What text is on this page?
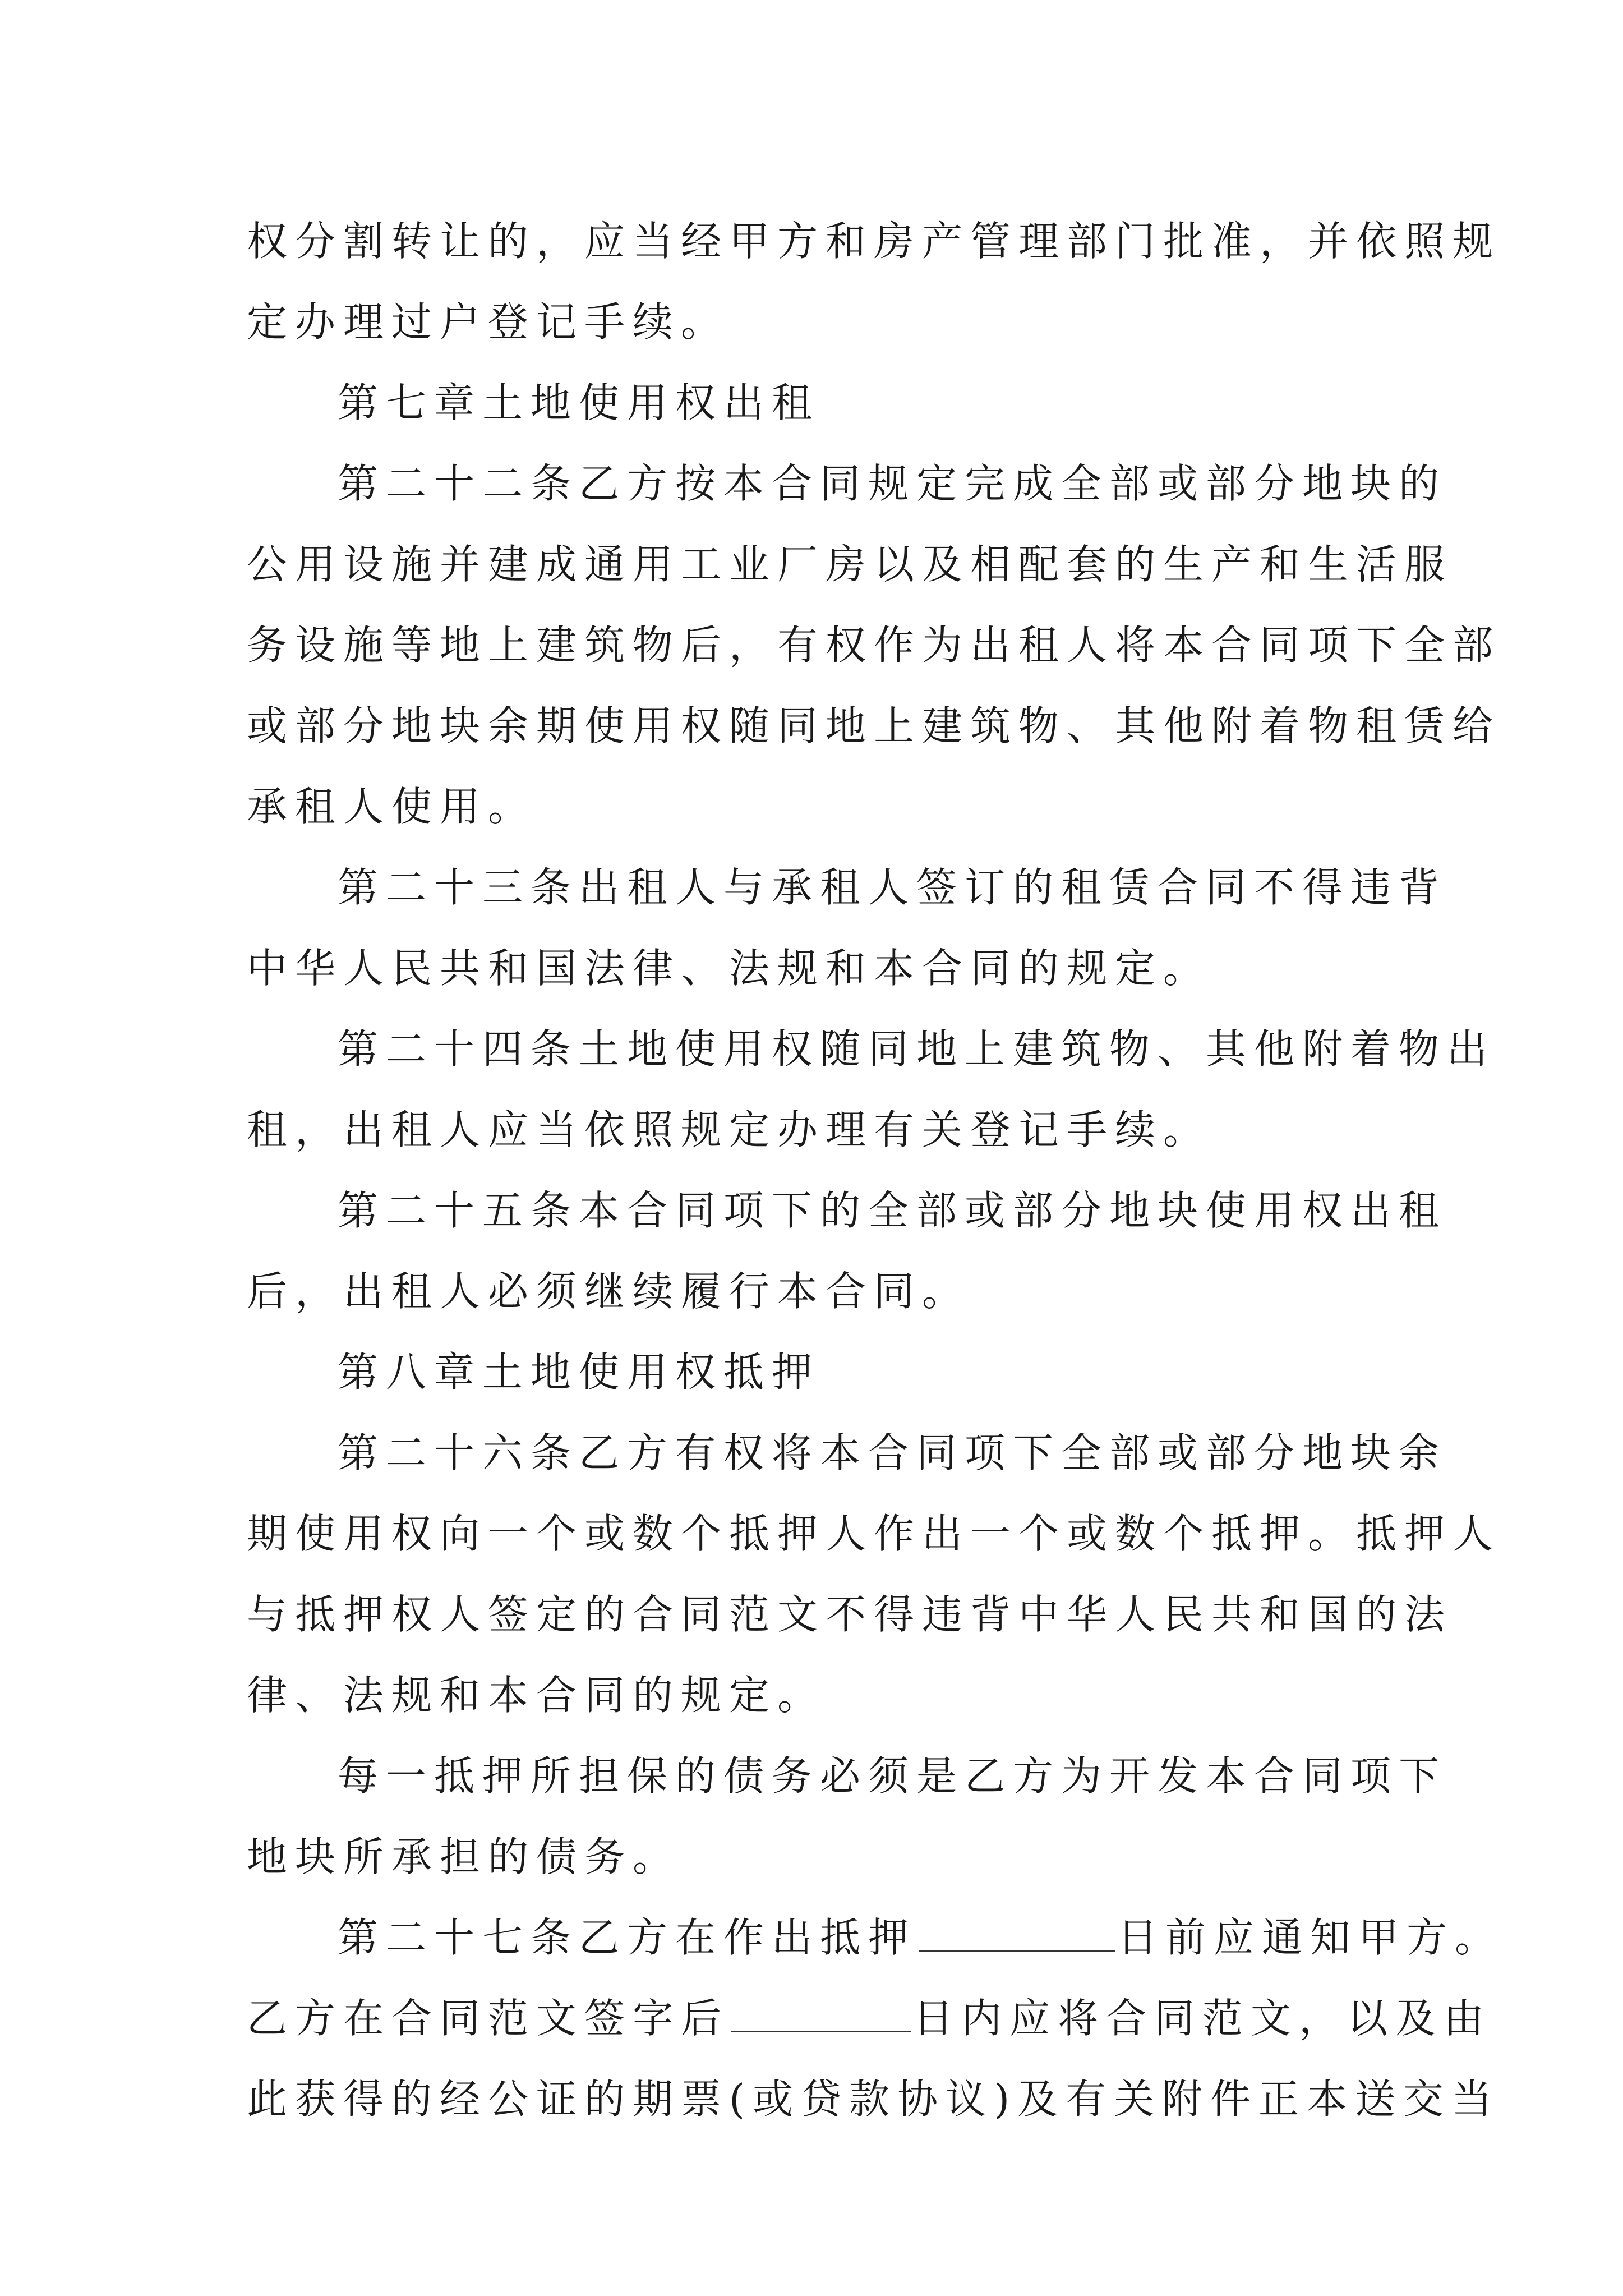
权分割转让的，应当经甲方和房产管理部门批准，并依照规
定办理过户登记手续。
第七章土地使用权出租
第二十二条乙方按本合同规定完成全部或部分地块的
公用设施并建成通用工业厂房以及相配套的生产和生活服
务设施等地上建筑物后，有权作为出租人将本合同项下全部
或部分地块余期使用权随同地上建筑物、其他附着物租赁给
承租人使用。
第二十三条出租人与承租人签订的租赁合同不得违背
中华人民共和国法律、法规和本合同的规定。
第二十四条土地使用权随同地上建筑物、其他附着物出
租，出租人应当依照规定办理有关登记手续。
第二十五条本合同项下的全部或部分地块使用权出租
后，出租人必须继续履行本合同。
第八章土地使用权抵押
第二十六条乙方有权将本合同项下全部或部分地块余
期使用权向一个或数个抵押人作出一个或数个抵押。抵押人
与抵押权人签定的合同范文不得违背中华人民共和国的法
律、法规和本合同的规定。
每一抵押所担保的债务必须是乙方为开发本合同项下
地块所承担的债务。
第二十七条乙方在作出抵押	日前应通知甲方。
乙方在合同范文签字后	日内应将合同范文，以及由
此获得的经公证的期票(或贷款协议)及有关附件正本送交当
